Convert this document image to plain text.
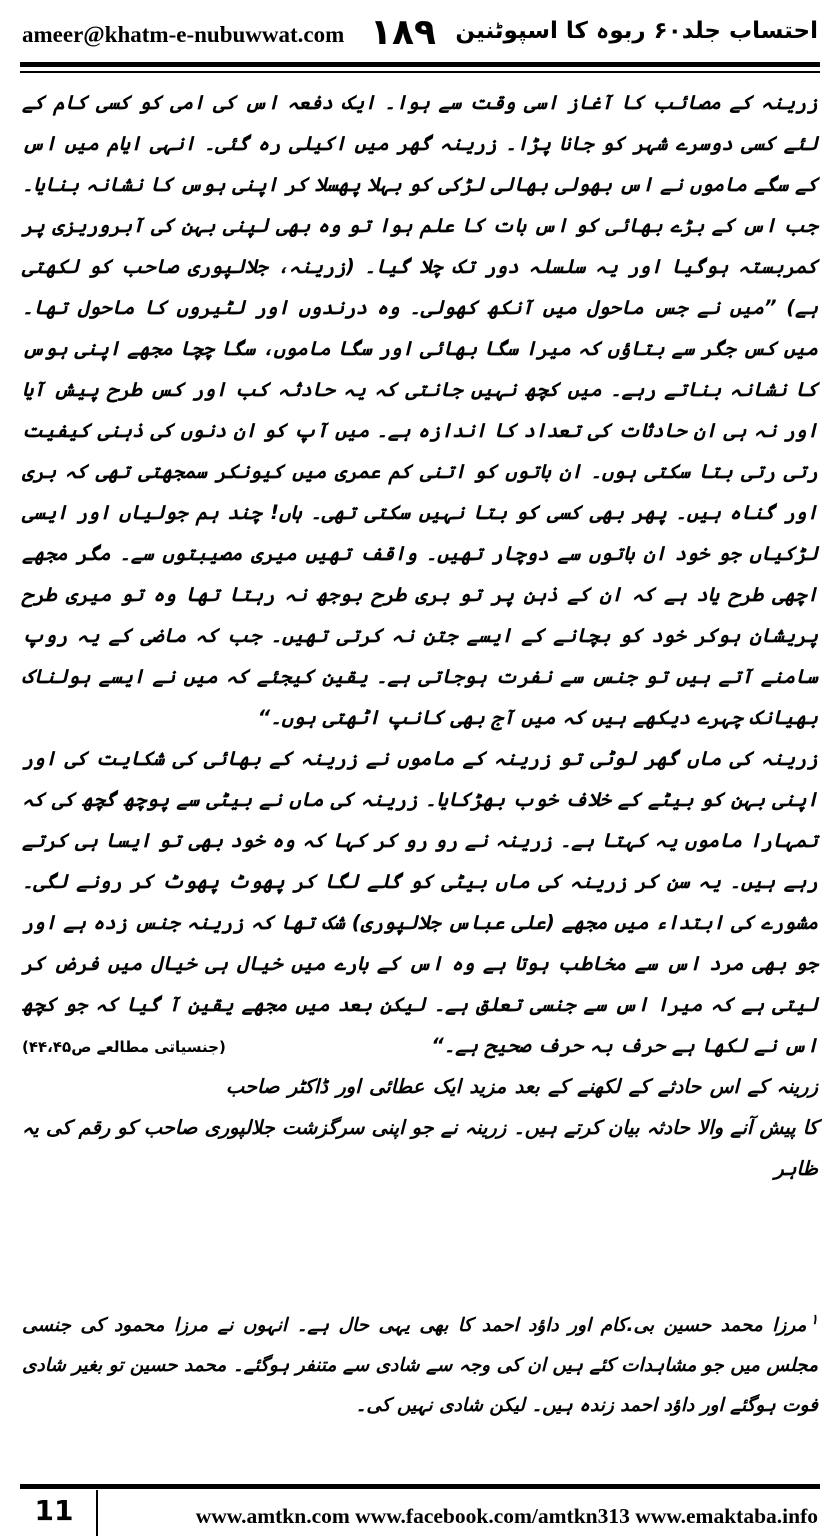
ameer@khatm-e-nubuwwat.com ۱۸۹ احتساب جلد۶۰ ربوہ کا اسپوٹنین

زرینہ کے مصائب کا آغاز اسی وقت سے ہوا۔ ایک دفعہ اس کی امی کو کسی کام کے لئے کسی دوسرے شہر کو جانا پڑا۔ زرینہ گھر میں اکیلی رہ گئی۔ انہی ایام میں اس کے سگے ماموں نے اس بھولی بھالی لڑکی کو بہلا پھسلا کر اپنی ہوس کا نشانہ بنایا۔ جب اس کے بڑے بھائی کو اس بات کا علم ہوا تو وہ بھی لپنی بہن کی آبروریزی پر کمربستہ ہوگیا اور یہ سلسلہ دور تک چلا گیا۔ (زرینہ، جلالپوری صاحب کو لکھتی ہے) ”میں نے جس ماحول میں آنکھ کھولی۔ وہ درندوں اور لٹیروں کا ماحول تھا۔ میں کس جگر سے بتاؤں کہ میرا سگا بھائی اور سگا ماموں، سگا چچا مجھے اپنی ہوس کا نشانہ بناتے رہے۔ میں کچھ نہیں جانتی کہ یہ حادثہ کب اور کس طرح پیش آیا اور نہ ہی ان حادثات کی تعداد کا اندازہ ہے۔ میں آپ کو ان دنوں کی ذہنی کیفیت رتی رتی بتا سکتی ہوں۔ ان باتوں کو اتنی کم عمری میں کیونکر سمجھتی تھی کہ بری اور گناہ ہیں۔ پھر بھی کسی کو بتا نہیں سکتی تھی۔ ہاں! چند ہم جولیاں اور ایسی لڑکیاں جو خود ان باتوں سے دوچار تھیں۔ واقف تھیں میری مصیبتوں سے۔ مگر مجھے اچھی طرح یاد ہے کہ ان کے ذہن پر تو بری طرح بوجھ نہ رہتا تھا وہ تو میری طرح پریشان ہوکر خود کو بچانے کے ایسے جتن نہ کرتی تھیں۔ جب کہ ماضی کے یہ روپ سامنے آتے ہیں تو جنس سے نفرت ہوجاتی ہے۔ یقین کیجئے کہ میں نے ایسے ہولناک بھیانک چہرے دیکھے ہیں کہ میں آج بھی کانپ اٹھتی ہوں۔“

زرینہ کی ماں گھر لوٹی تو زرینہ کے ماموں نے زرینہ کے بھائی کی شکایت کی اور اپنی بہن کو بیٹے کے خلاف خوب بھڑکایا۔ زرینہ کی ماں نے بیٹی سے پوچھ گچھ کی کہ تمہارا ماموں یہ کہتا ہے۔ زرینہ نے رو رو کر کہا کہ وہ خود بھی تو ایسا ہی کرتے رہے ہیں۔ یہ سن کر زرینہ کی ماں بیٹی کو گلے لگا کر پھوٹ پھوٹ کر رونے لگی۔ مشورے کی ابتداء میں مجھے (علی عباس جلالپوری) شک تھا کہ زرینہ جنس زدہ ہے اور جو بھی مرد اس سے مخاطب ہوتا ہے وہ اس کے بارے میں خیال ہی خیال میں فرض کر لیتی ہے کہ میرا اس سے جنسی تعلق ہے۔ لیکن بعد میں مجھے یقین آ گیا کہ جو کچھ اس نے لکھا ہے حرف بہ حرف صحیح ہے۔“
(جنسیاتی مطالعے ص۴۴،۴۵)

زرینہ کے اس حادثے کے لکھنے کے بعد مزید ایک عطائی اور ڈاکٹر صاحب کا پیش آنے والا حادثہ بیان کرتے ہیں۔ زرینہ نے جو اپنی سرگزشت جلالپوری صاحب کو رقم کی یہ ظاہر

$^۱$مرزا محمد حسین بی.کام اور داؤد احمد کا بھی یہی حال ہے۔ انہوں نے مرزا محمود کی جنسی مجلس میں جو مشاہدات کئے ہیں ان کی وجہ سے شادی سے متنفر ہوگئے۔ محمد حسین تو بغیر شادی فوت ہوگئے اور داؤد احمد زندہ ہیں۔ لیکن شادی نہیں کی۔

11	www.amtkn.com www.facebook.com/amtkn313 www.emaktaba.info
